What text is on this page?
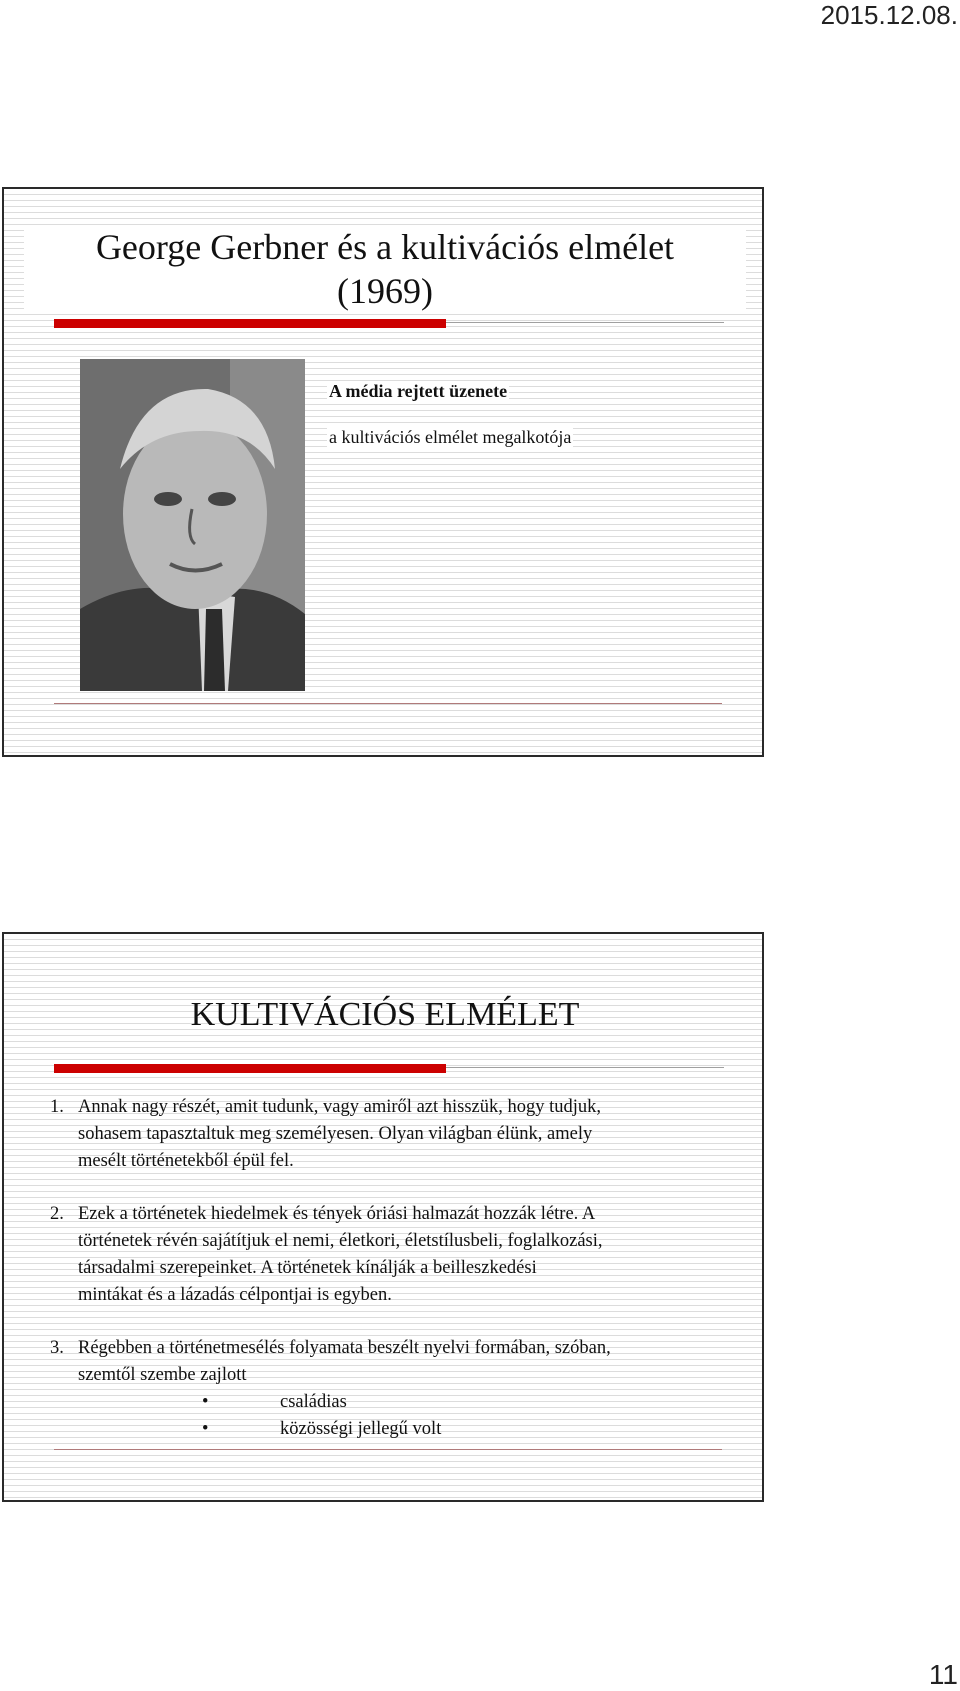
2015.12.08.
George Gerbner és a kultivációs elmélet
(1969)
A média rejtett üzenete
a kultivációs elmélet megalkotója
KULTIVÁCIÓS ELMÉLET
1. Annak nagy részét, amit tudunk, vagy amiről azt hisszük, hogy tudjuk,
sohasem tapasztaltuk meg személyesen. Olyan világban élünk, amely
mesélt történetekből épül fel.
2. Ezek a történetek hiedelmek és tények óriási halmazát hozzák létre. A
történetek révén sajátítjuk el nemi, életkori, életstílusbeli, foglalkozási,
társadalmi szerepeinket. A történetek kínálják a beilleszkedési
mintákat és a lázadás célpontjai is egyben.
3. Régebben a történetmesélés folyamata beszélt nyelvi formában, szóban,
szemtől szembe zajlott
•	családias
•	közösségi jellegű volt
11
